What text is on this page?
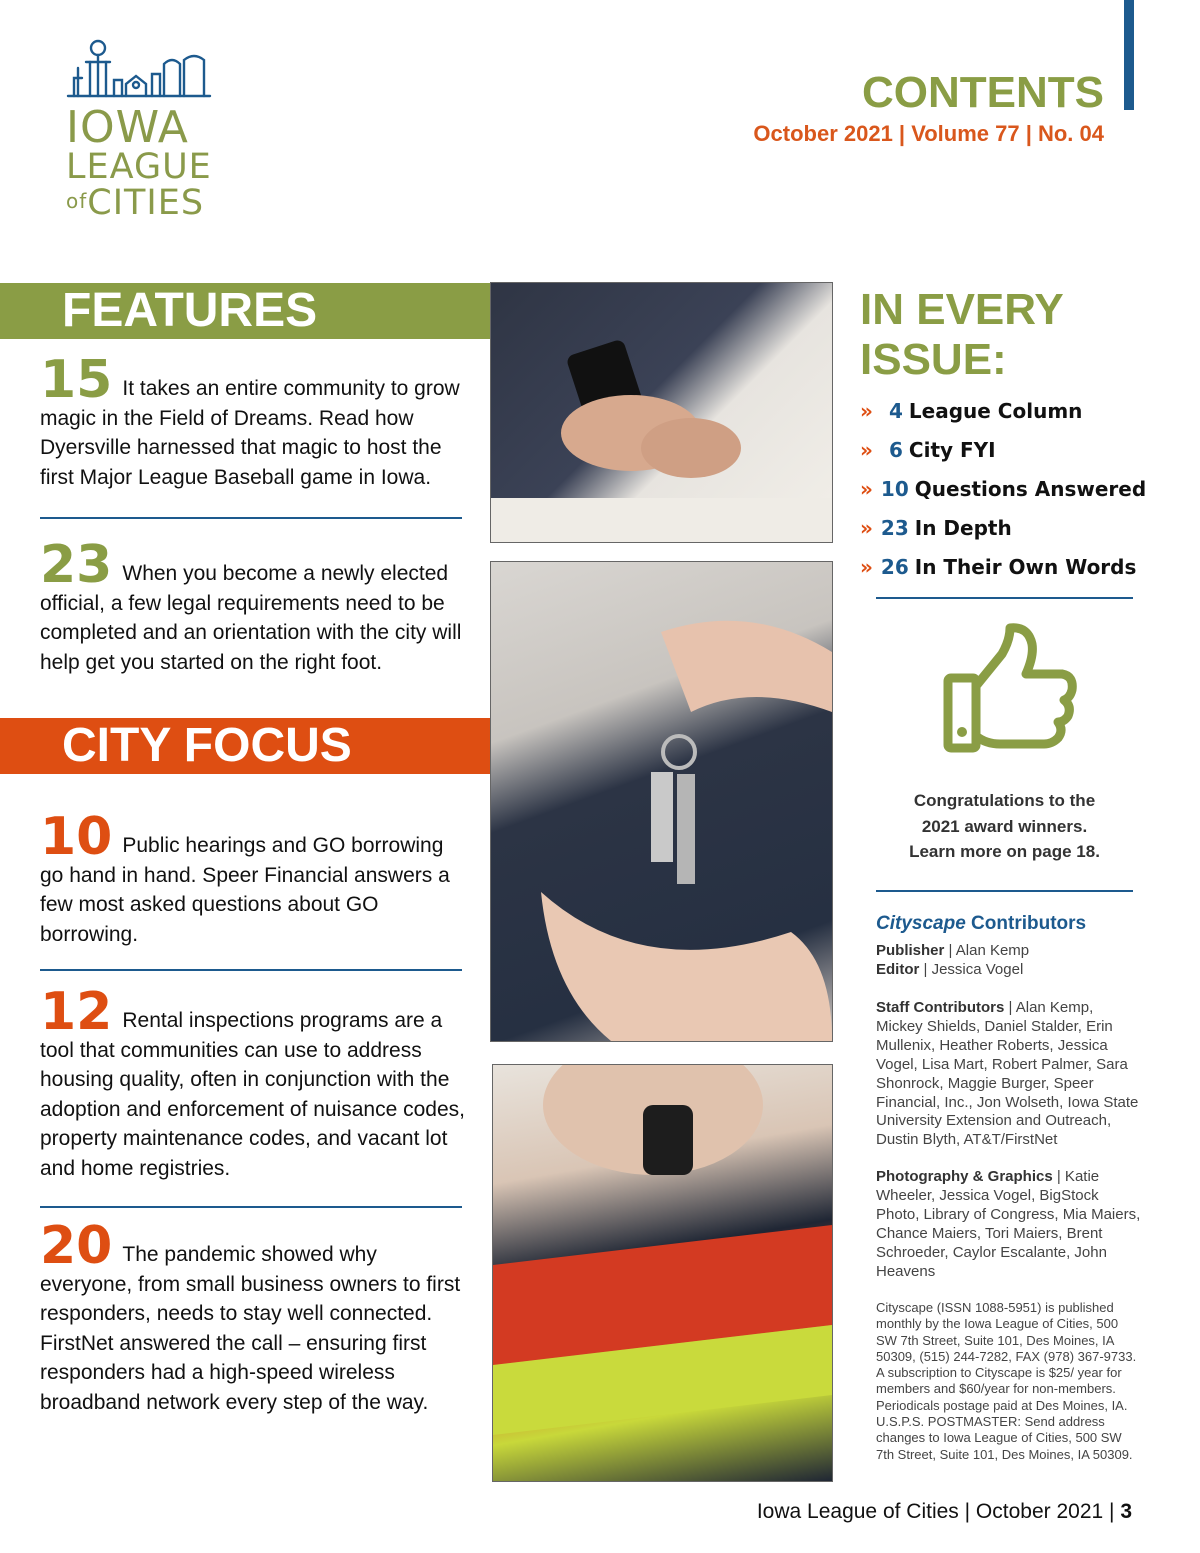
IOWA
LEAGUE
ofCITIES
CONTENTS
October 2021 | Volume 77 | No. 04
FEATURES
15 It takes an entire community to grow magic in the Field of Dreams. Read how Dyersville harnessed that magic to host the first Major League Baseball game in Iowa.
23 When you become a newly elected official, a few legal requirements need to be completed and an orientation with the city will help get you started on the right foot.
CITY FOCUS
10 Public hearings and GO borrowing go hand in hand. Speer Financial answers a few most asked questions about GO borrowing.
12 Rental inspections programs are a tool that communities can use to address housing quality, often in conjunction with the adoption and enforcement of nuisance codes, property maintenance codes, and vacant lot and home registries.
20 The pandemic showed why everyone, from small business owners to first responders, needs to stay well connected. FirstNet answered the call – ensuring first responders had a high-speed wireless broadband network every step of the way.
IN EVERY ISSUE:
» 4 League Column
» 6 City FYI
» 10 Questions Answered
» 23 In Depth
» 26 In Their Own Words
Congratulations to the
2021 award winners.
Learn more on page 18.
Cityscape Contributors
Publisher | Alan Kemp
Editor | Jessica Vogel
Staff Contributors | Alan Kemp, Mickey Shields, Daniel Stalder, Erin Mullenix, Heather Roberts, Jessica Vogel, Lisa Mart, Robert Palmer, Sara Shonrock, Maggie Burger, Speer Financial, Inc., Jon Wolseth, Iowa State University Extension and Outreach, Dustin Blyth, AT&T/FirstNet
Photography & Graphics | Katie Wheeler, Jessica Vogel, BigStock Photo, Library of Congress, Mia Maiers, Chance Maiers, Tori Maiers, Brent Schroeder, Caylor Escalante, John Heavens
Cityscape (ISSN 1088-5951) is published monthly by the Iowa League of Cities, 500 SW 7th Street, Suite 101, Des Moines, IA 50309, (515) 244-7282, FAX (978) 367-9733. A subscription to Cityscape is $25/ year for members and $60/year for non-members. Periodicals postage paid at Des Moines, IA. U.S.P.S. POSTMASTER: Send address changes to Iowa League of Cities, 500 SW 7th Street, Suite 101, Des Moines, IA 50309.
Iowa League of Cities | October 2021 | 3
